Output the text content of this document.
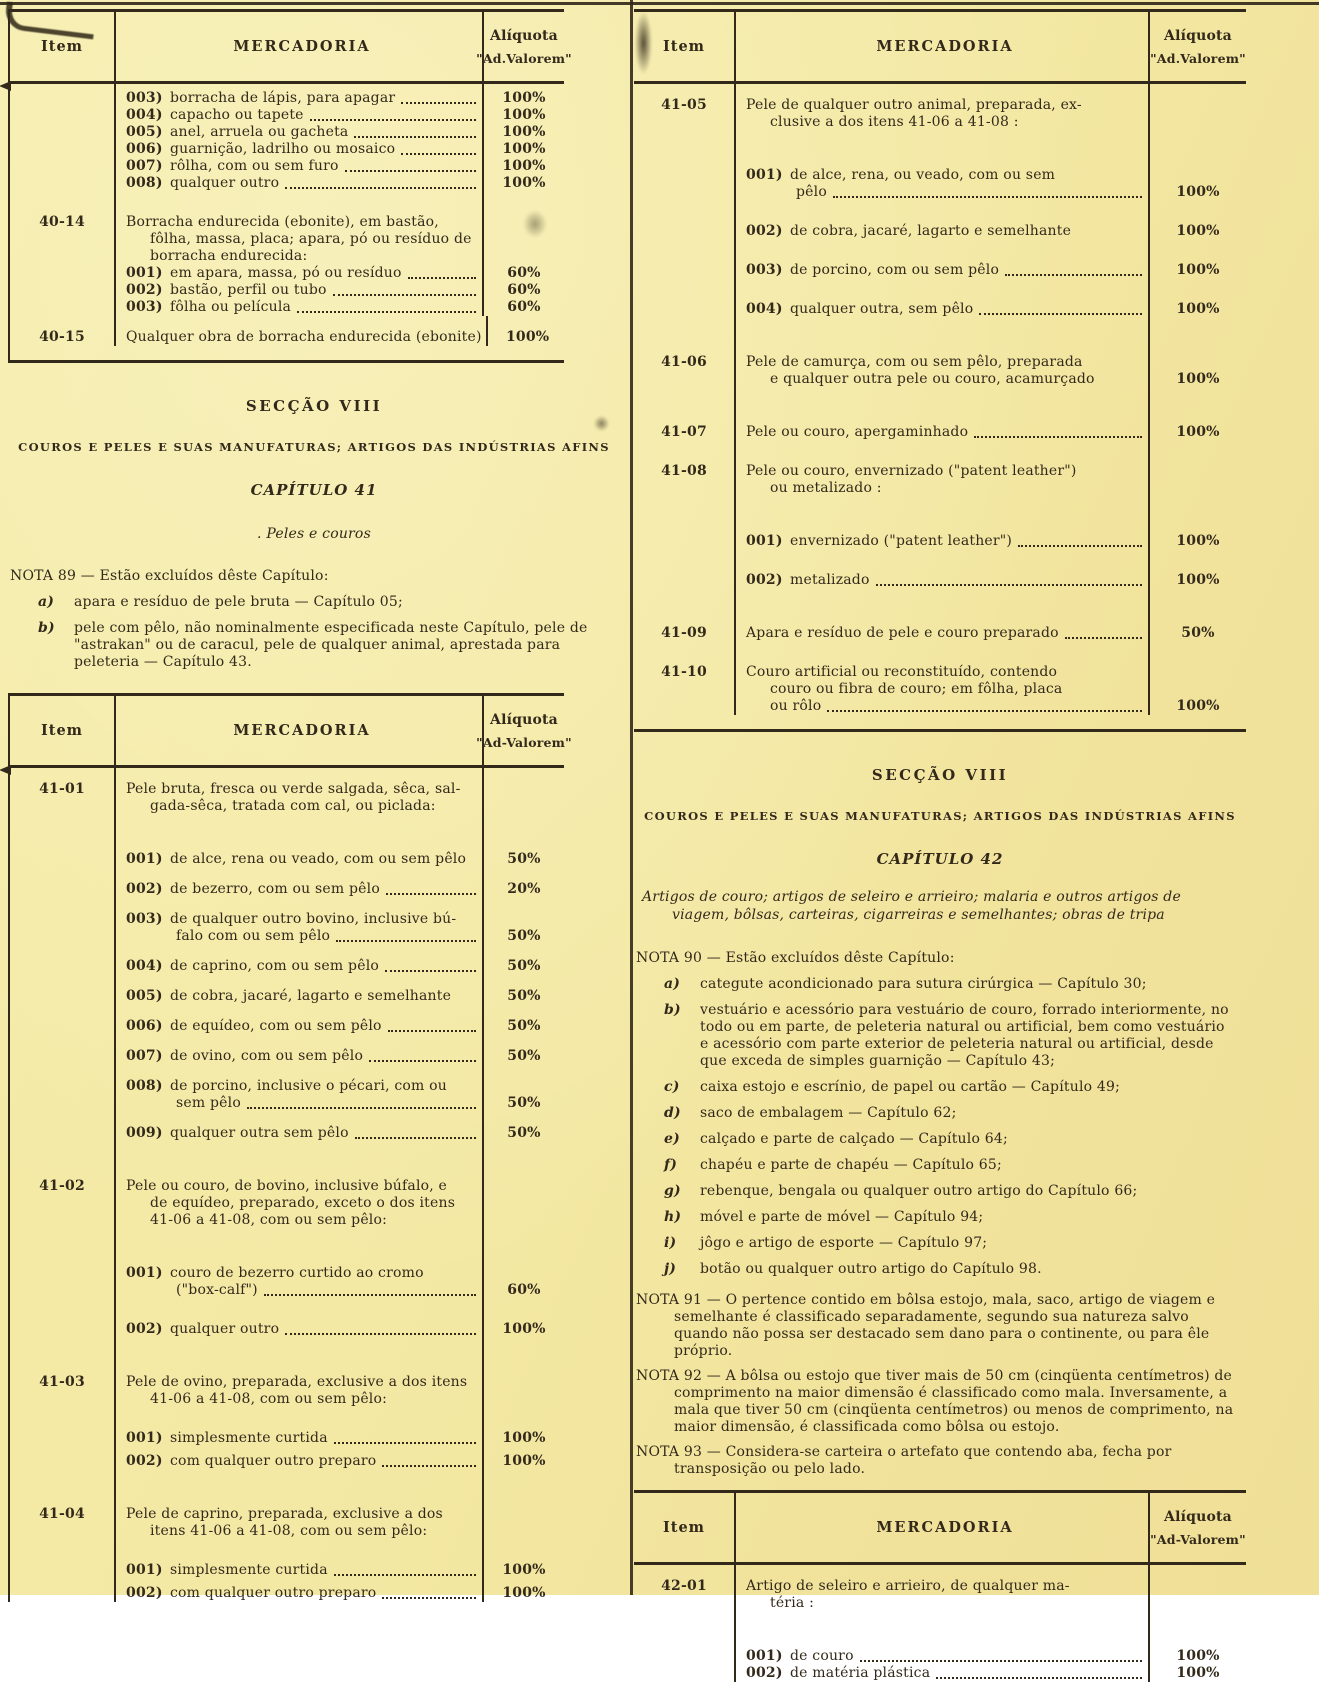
Item	MERCADORIA
Alíquota
"Ad.Valorem"
003) borracha de lápis, para apagar	100%
004) capacho ou tapete	100%
005) anel, arruela ou gacheta	100%
006) guarnição, ladrilho ou mosaico	100%
007) rôlha, com ou sem furo	100%
008) qualquer outro	100%
40-14	Borracha endurecida (ebonite), em bastão,
fôlha, massa, placa; apara, pó ou resíduo de
borracha endurecida:
001) em apara, massa, pó ou resíduo	60%
002) bastão, perfil ou tubo	60%
003) fôlha ou película	60%
40-15	Qualquer obra de borracha endurecida (ebonite) 100%
SECÇÃO VIII
COUROS E PELES E SUAS MANUFATURAS; ARTIGOS DAS INDÚSTRIAS AFINS
CAPÍTULO 41
. Peles e couros
NOTA 89 — Estão excluídos dêste Capítulo:
a)	apara e resíduo de pele bruta — Capítulo 05;
b)	pele com pêlo, não nominalmente especificada neste Capítulo, pele de "astrakan" ou de caracul, pele de qualquer animal, aprestada para peleteria — Capítulo 43.
Item	MERCADORIA
Alíquota
"Ad-Valorem"
41-01	Pele bruta, fresca ou verde salgada, sêca, sal-
gada-sêca, tratada com cal, ou piclada:
001) de alce, rena ou veado, com ou sem pêlo	50%
002) de bezerro, com ou sem pêlo	20%
003) de qualquer outro bovino, inclusive bú-
falo com ou sem pêlo	50%
004) de caprino, com ou sem pêlo	50%
005) de cobra, jacaré, lagarto e semelhante	50%
006) de equídeo, com ou sem pêlo	50%
007) de ovino, com ou sem pêlo	50%
008) de porcino, inclusive o pécari, com ou
sem pêlo	50%
009) qualquer outra sem pêlo	50%
41-02	Pele ou couro, de bovino, inclusive búfalo, e
de equídeo, preparado, exceto o dos itens
41-06 a 41-08, com ou sem pêlo:
001) couro de bezerro curtido ao cromo
("box-calf")	60%
002) qualquer outro	100%
41-03	Pele de ovino, preparada, exclusive a dos itens
41-06 a 41-08, com ou sem pêlo:
001) simplesmente curtida	100%
002) com qualquer outro preparo	100%
41-04	Pele de caprino, preparada, exclusive a dos
itens 41-06 a 41-08, com ou sem pêlo:
001) simplesmente curtida	100%
002) com qualquer outro preparo	100%
Item	MERCADORIA
Alíquota
"Ad.Valorem"
41-05	Pele de qualquer outro animal, preparada, ex-
clusive a dos itens 41-06 a 41-08 :
001) de alce, rena, ou veado, com ou sem
pêlo	100%
002) de cobra, jacaré, lagarto e semelhante	100%
003) de porcino, com ou sem pêlo	100%
004) qualquer outra, sem pêlo	100%
41-06	Pele de camurça, com ou sem pêlo, preparada
e qualquer outra pele ou couro, acamurçado	100%
41-07	Pele ou couro, apergaminhado	100%
41-08	Pele ou couro, envernizado ("patent leather")
ou metalizado :
001) envernizado ("patent leather")	100%
002) metalizado	100%
41-09	Apara e resíduo de pele e couro preparado	50%
41-10	Couro artificial ou reconstituído, contendo
couro ou fibra de couro; em fôlha, placa
ou rôlo	100%
SECÇÃO VIII
COUROS E PELES E SUAS MANUFATURAS; ARTIGOS DAS INDÚSTRIAS AFINS
CAPÍTULO 42
Artigos de couro; artigos de seleiro e arrieiro; malaria e outros artigos de viagem, bôlsas, carteiras, cigarreiras e semelhantes; obras de tripa
NOTA 90 — Estão excluídos dêste Capítulo:
a)	categute acondicionado para sutura cirúrgica — Capítulo 30;
b)	vestuário e acessório para vestuário de couro, forrado interiormente, no todo ou em parte, de peleteria natural ou artificial, bem como vestuário e acessório com parte exterior de peleteria natural ou artificial, desde que exceda de simples guarnição — Capítulo 43;
c)	caixa estojo e escrínio, de papel ou cartão — Capítulo 49;
d)	saco de embalagem — Capítulo 62;
e)	calçado e parte de calçado — Capítulo 64;
f)	chapéu e parte de chapéu — Capítulo 65;
g)	rebenque, bengala ou qualquer outro artigo do Capítulo 66;
h)	móvel e parte de móvel — Capítulo 94;
i)	jôgo e artigo de esporte — Capítulo 97;
j)	botão ou qualquer outro artigo do Capítulo 98.
NOTA 91 — O pertence contido em bôlsa estojo, mala, saco, artigo de viagem e semelhante é classificado separadamente, segundo sua natureza salvo quando não possa ser destacado sem dano para o continente, ou para êle próprio.
NOTA 92 — A bôlsa ou estojo que tiver mais de 50 cm (cinqüenta centímetros) de comprimento na maior dimensão é classificado como mala. Inversamente, a mala que tiver 50 cm (cinqüenta centímetros) ou menos de comprimento, na maior dimensão, é classificada como bôlsa ou estojo.
NOTA 93 — Considera-se carteira o artefato que contendo aba, fecha por transposição ou pelo lado.
Item	MERCADORIA
Alíquota
"Ad-Valorem"
42-01	Artigo de seleiro e arrieiro, de qualquer ma-
téria :
001) de couro	100%
002) de matéria plástica	100%
